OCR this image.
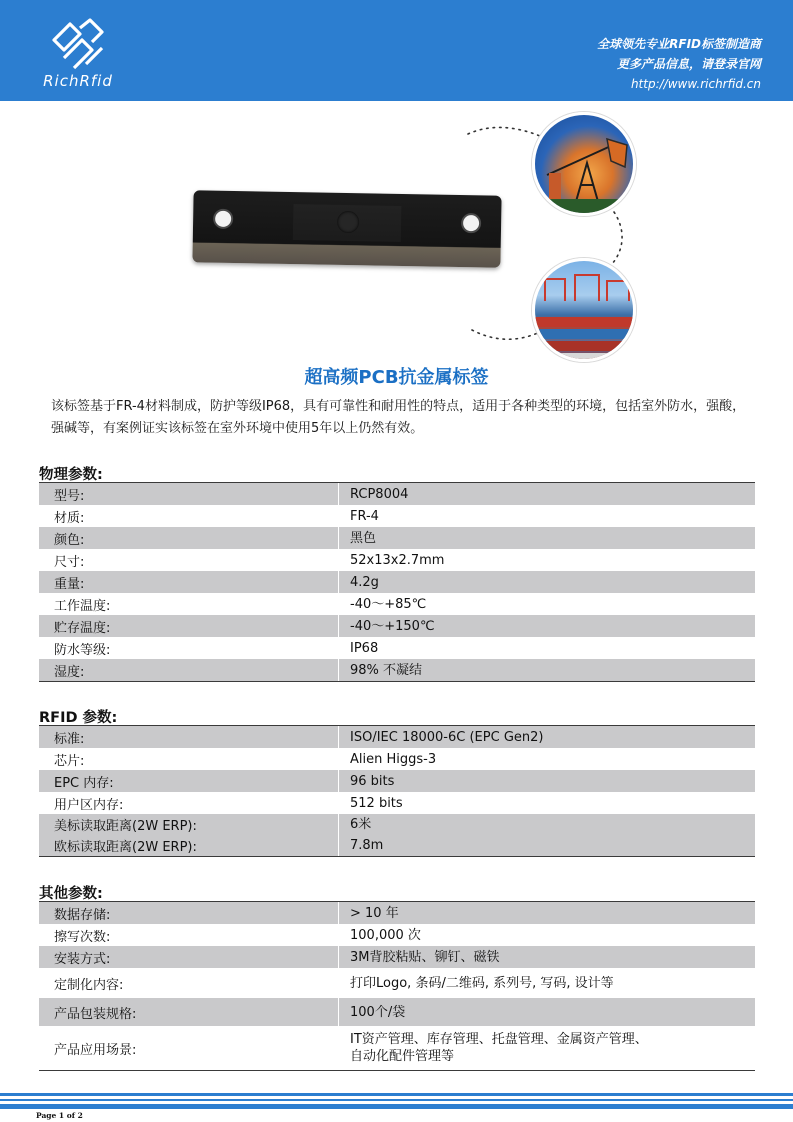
RichRfid
全球领先专业RFID标签制造商
更多产品信息，请登录官网
http://www.richrfid.cn
超高频PCB抗金属标签
该标签基于FR-4材料制成，防护等级IP68，具有可靠性和耐用性的特点，适用于各种类型的环境，包括室外防水，强酸，强碱等，有案例证实该标签在室外环境中使用5年以上仍然有效。
物理参数:
型号:	RCP8004
材质:	FR-4
颜色:	黑色
尺寸:	52x13x2.7mm
重量:	4.2g
工作温度:	-40～+85℃
贮存温度:	-40～+150℃
防水等级:	IP68
湿度:	98% 不凝结
RFID 参数:
标准:	ISO/IEC 18000-6C (EPC Gen2)
芯片:	Alien Higgs-3
EPC 内存:	96 bits
用户区内存:	512 bits
美标读取距离(2W ERP):	6米
欧标读取距离(2W ERP):	7.8m
其他参数:
数据存储:	> 10 年
擦写次数:	100,000 次
安装方式:	3M背胶粘贴、铆钉、磁铁
定制化内容:	打印Logo, 条码/二维码, 系列号, 写码, 设计等
产品包装规格:	100个/袋
产品应用场景:
IT资产管理、库存管理、托盘管理、金属资产管理、
自动化配件管理等
Page 1 of 2
